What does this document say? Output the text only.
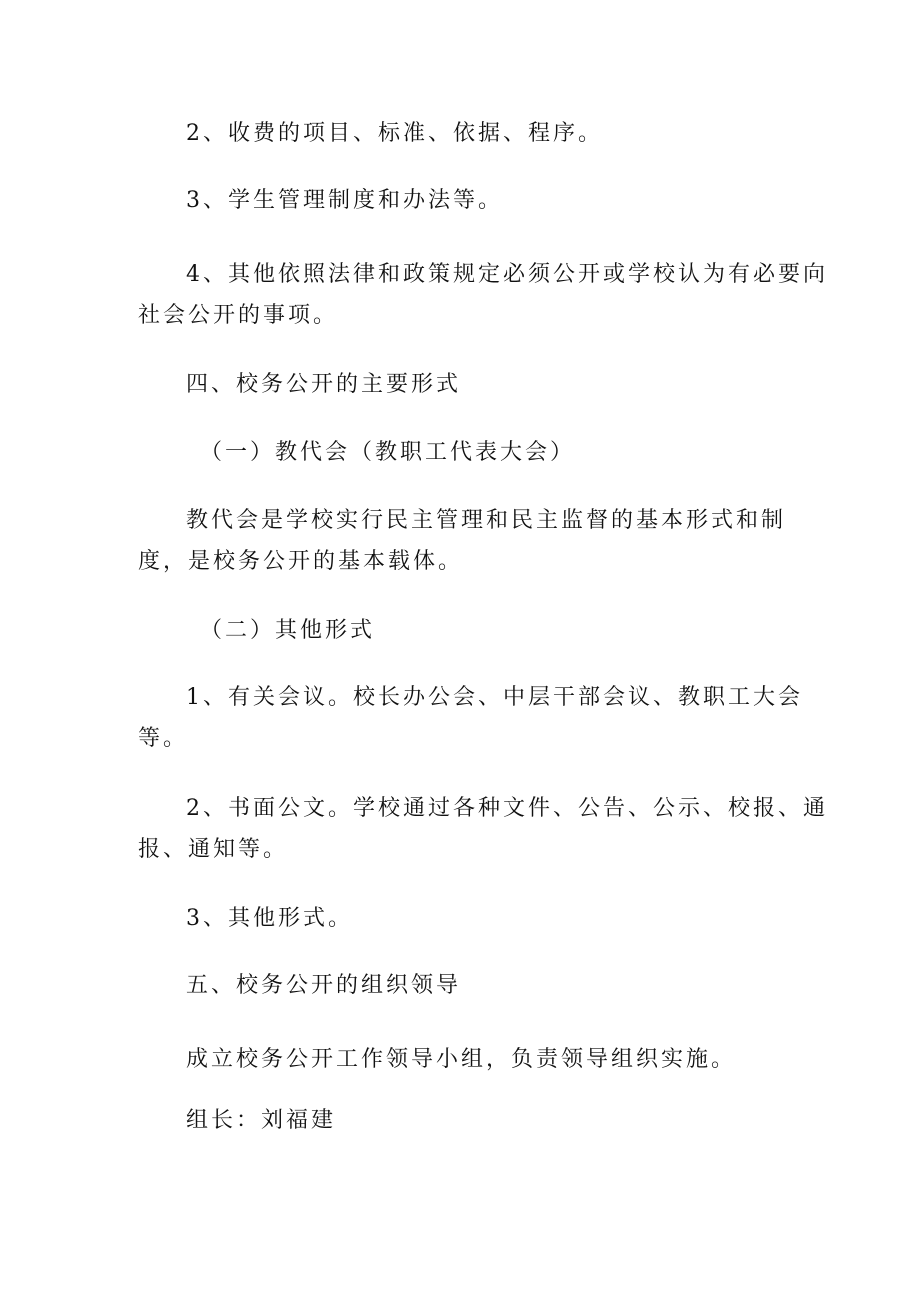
2、收费的项目、标准、依据、程序。

3、学生管理制度和办法等。

4、其他依照法律和政策规定必须公开或学校认为有必要向
社会公开的事项。

四、校务公开的主要形式

（一）教代会（教职工代表大会）

教代会是学校实行民主管理和民主监督的基本形式和制
度，是校务公开的基本载体。

（二）其他形式

1、有关会议。校长办公会、中层干部会议、教职工大会
等。

2、书面公文。学校通过各种文件、公告、公示、校报、通
报、通知等。

3、其他形式。

五、校务公开的组织领导

成立校务公开工作领导小组，负责领导组织实施。

组长：刘福建
